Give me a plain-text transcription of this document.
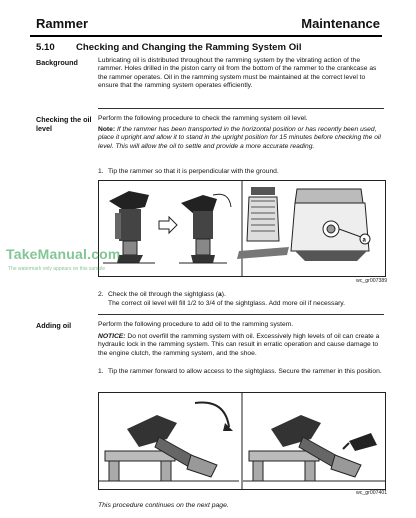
Rammer	Maintenance
5.10 Checking and Changing the Ramming System Oil
Background	Lubricating oil is distributed throughout the ramming system by the vibrating action of the rammer. Holes drilled in the piston carry oil from the bottom of the rammer to the crankcase as the rammer operates. Oil in the ramming system must be maintained at the correct level to ensure that the ramming system operates efficiently.
Checking the oil level
Perform the following procedure to check the ramming system oil level.
Note: If the rammer has been transported in the horizontal position or has recently been used, place it upright and allow it to stand in the upright position for 15 minutes before checking the oil level. This will allow the oil to settle and provide a more accurate reading.
1. Tip the rammer so that it is perpendicular with the ground.
a
wc_gr007389
2. Check the oil through the sightglass (a).
The correct oil level will fill 1/2 to 3/4 of the sightglass. Add more oil if necessary.
Adding oil	Perform the following procedure to add oil to the ramming system.
NOTICE: Do not overfill the ramming system with oil. Excessively high levels of oil can create a hydraulic lock in the ramming system. This can result in erratic operation and cause damage to the engine clutch, the ramming system, and the shoe.
1. Tip the rammer forward to allow access to the sightglass. Secure the rammer in this position.
wc_gr007401
This procedure continues on the next page.
TakeManual.com
The watermark only appears on this sample
